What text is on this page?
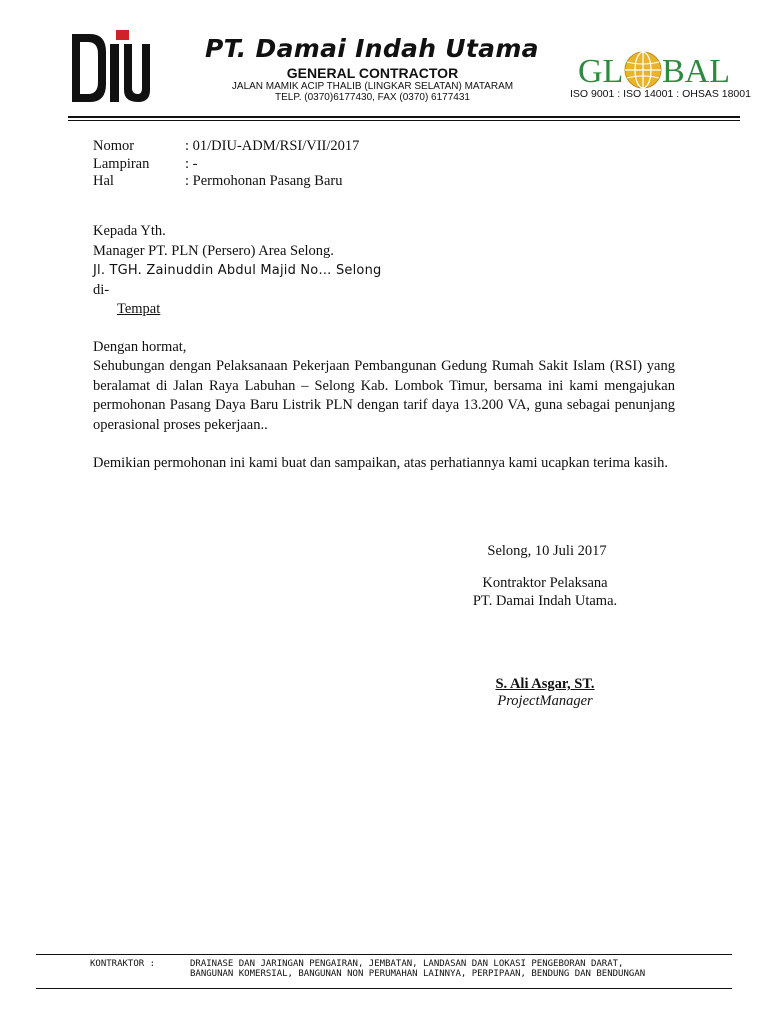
PT. Damai Indah Utama
GENERAL CONTRACTOR
JALAN MAMIK ACIP THALIB (LINGKAR SELATAN) MATARAM
TELP. (0370)6177430, FAX (0370) 6177431
GL BAL
ISO 9001 : ISO 14001 : OHSAS 18001
Nomor	: 01/DIU-ADM/RSI/VII/2017
Lampiran : -
Hal	: Permohonan Pasang Baru
Kepada Yth.
Manager PT. PLN (Persero) Area Selong.
Jl. TGH. Zainuddin Abdul Majid No… Selong
di-
Tempat
Dengan hormat,
Sehubungan dengan Pelaksanaan Pekerjaan Pembangunan Gedung Rumah Sakit Islam (RSI) yang beralamat di Jalan Raya Labuhan – Selong Kab. Lombok Timur, bersama ini kami mengajukan permohonan Pasang Daya Baru Listrik PLN dengan tarif daya 13.200 VA, guna sebagai penunjang operasional proses pekerjaan..
Demikian permohonan ini kami buat dan sampaikan, atas perhatiannya kami ucapkan terima kasih.
Selong, 10 Juli 2017
Kontraktor Pelaksana
PT. Damai Indah Utama.
S. Ali Asgar, ST.
ProjectManager
KONTRAKTOR :	DRAINASE DAN JARINGAN PENGAIRAN, JEMBATAN, LANDASAN DAN LOKASI PENGEBORAN DARAT,
BANGUNAN KOMERSIAL, BANGUNAN NON PERUMAHAN LAINNYA, PERPIPAAN, BENDUNG DAN BENDUNGAN
